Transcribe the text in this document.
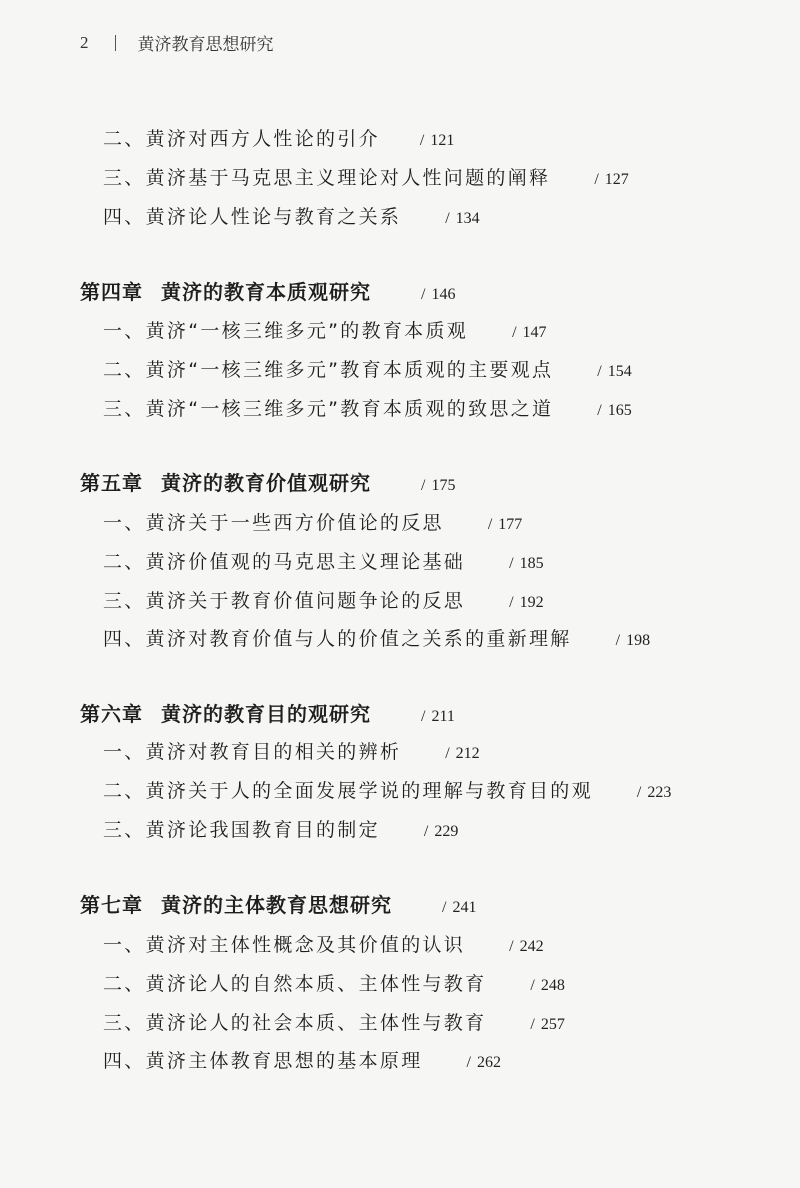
2	黄济教育思想研究
二、黄济对西方人性论的引介	/ 121
三、黄济基于马克思主义理论对人性问题的阐释	/ 127
四、黄济论人性论与教育之关系	/ 134
第四章 黄济的教育本质观研究	/ 146
一、黄济“一核三维多元”的教育本质观	/ 147
二、黄济“一核三维多元”教育本质观的主要观点	/ 154
三、黄济“一核三维多元”教育本质观的致思之道	/ 165
第五章 黄济的教育价值观研究	/ 175
一、黄济关于一些西方价值论的反思	/ 177
二、黄济价值观的马克思主义理论基础	/ 185
三、黄济关于教育价值问题争论的反思	/ 192
四、黄济对教育价值与人的价值之关系的重新理解	/ 198
第六章 黄济的教育目的观研究	/ 211
一、黄济对教育目的相关的辨析	/ 212
二、黄济关于人的全面发展学说的理解与教育目的观	/ 223
三、黄济论我国教育目的制定	/ 229
第七章 黄济的主体教育思想研究	/ 241
一、黄济对主体性概念及其价值的认识	/ 242
二、黄济论人的自然本质、主体性与教育	/ 248
三、黄济论人的社会本质、主体性与教育	/ 257
四、黄济主体教育思想的基本原理	/ 262
